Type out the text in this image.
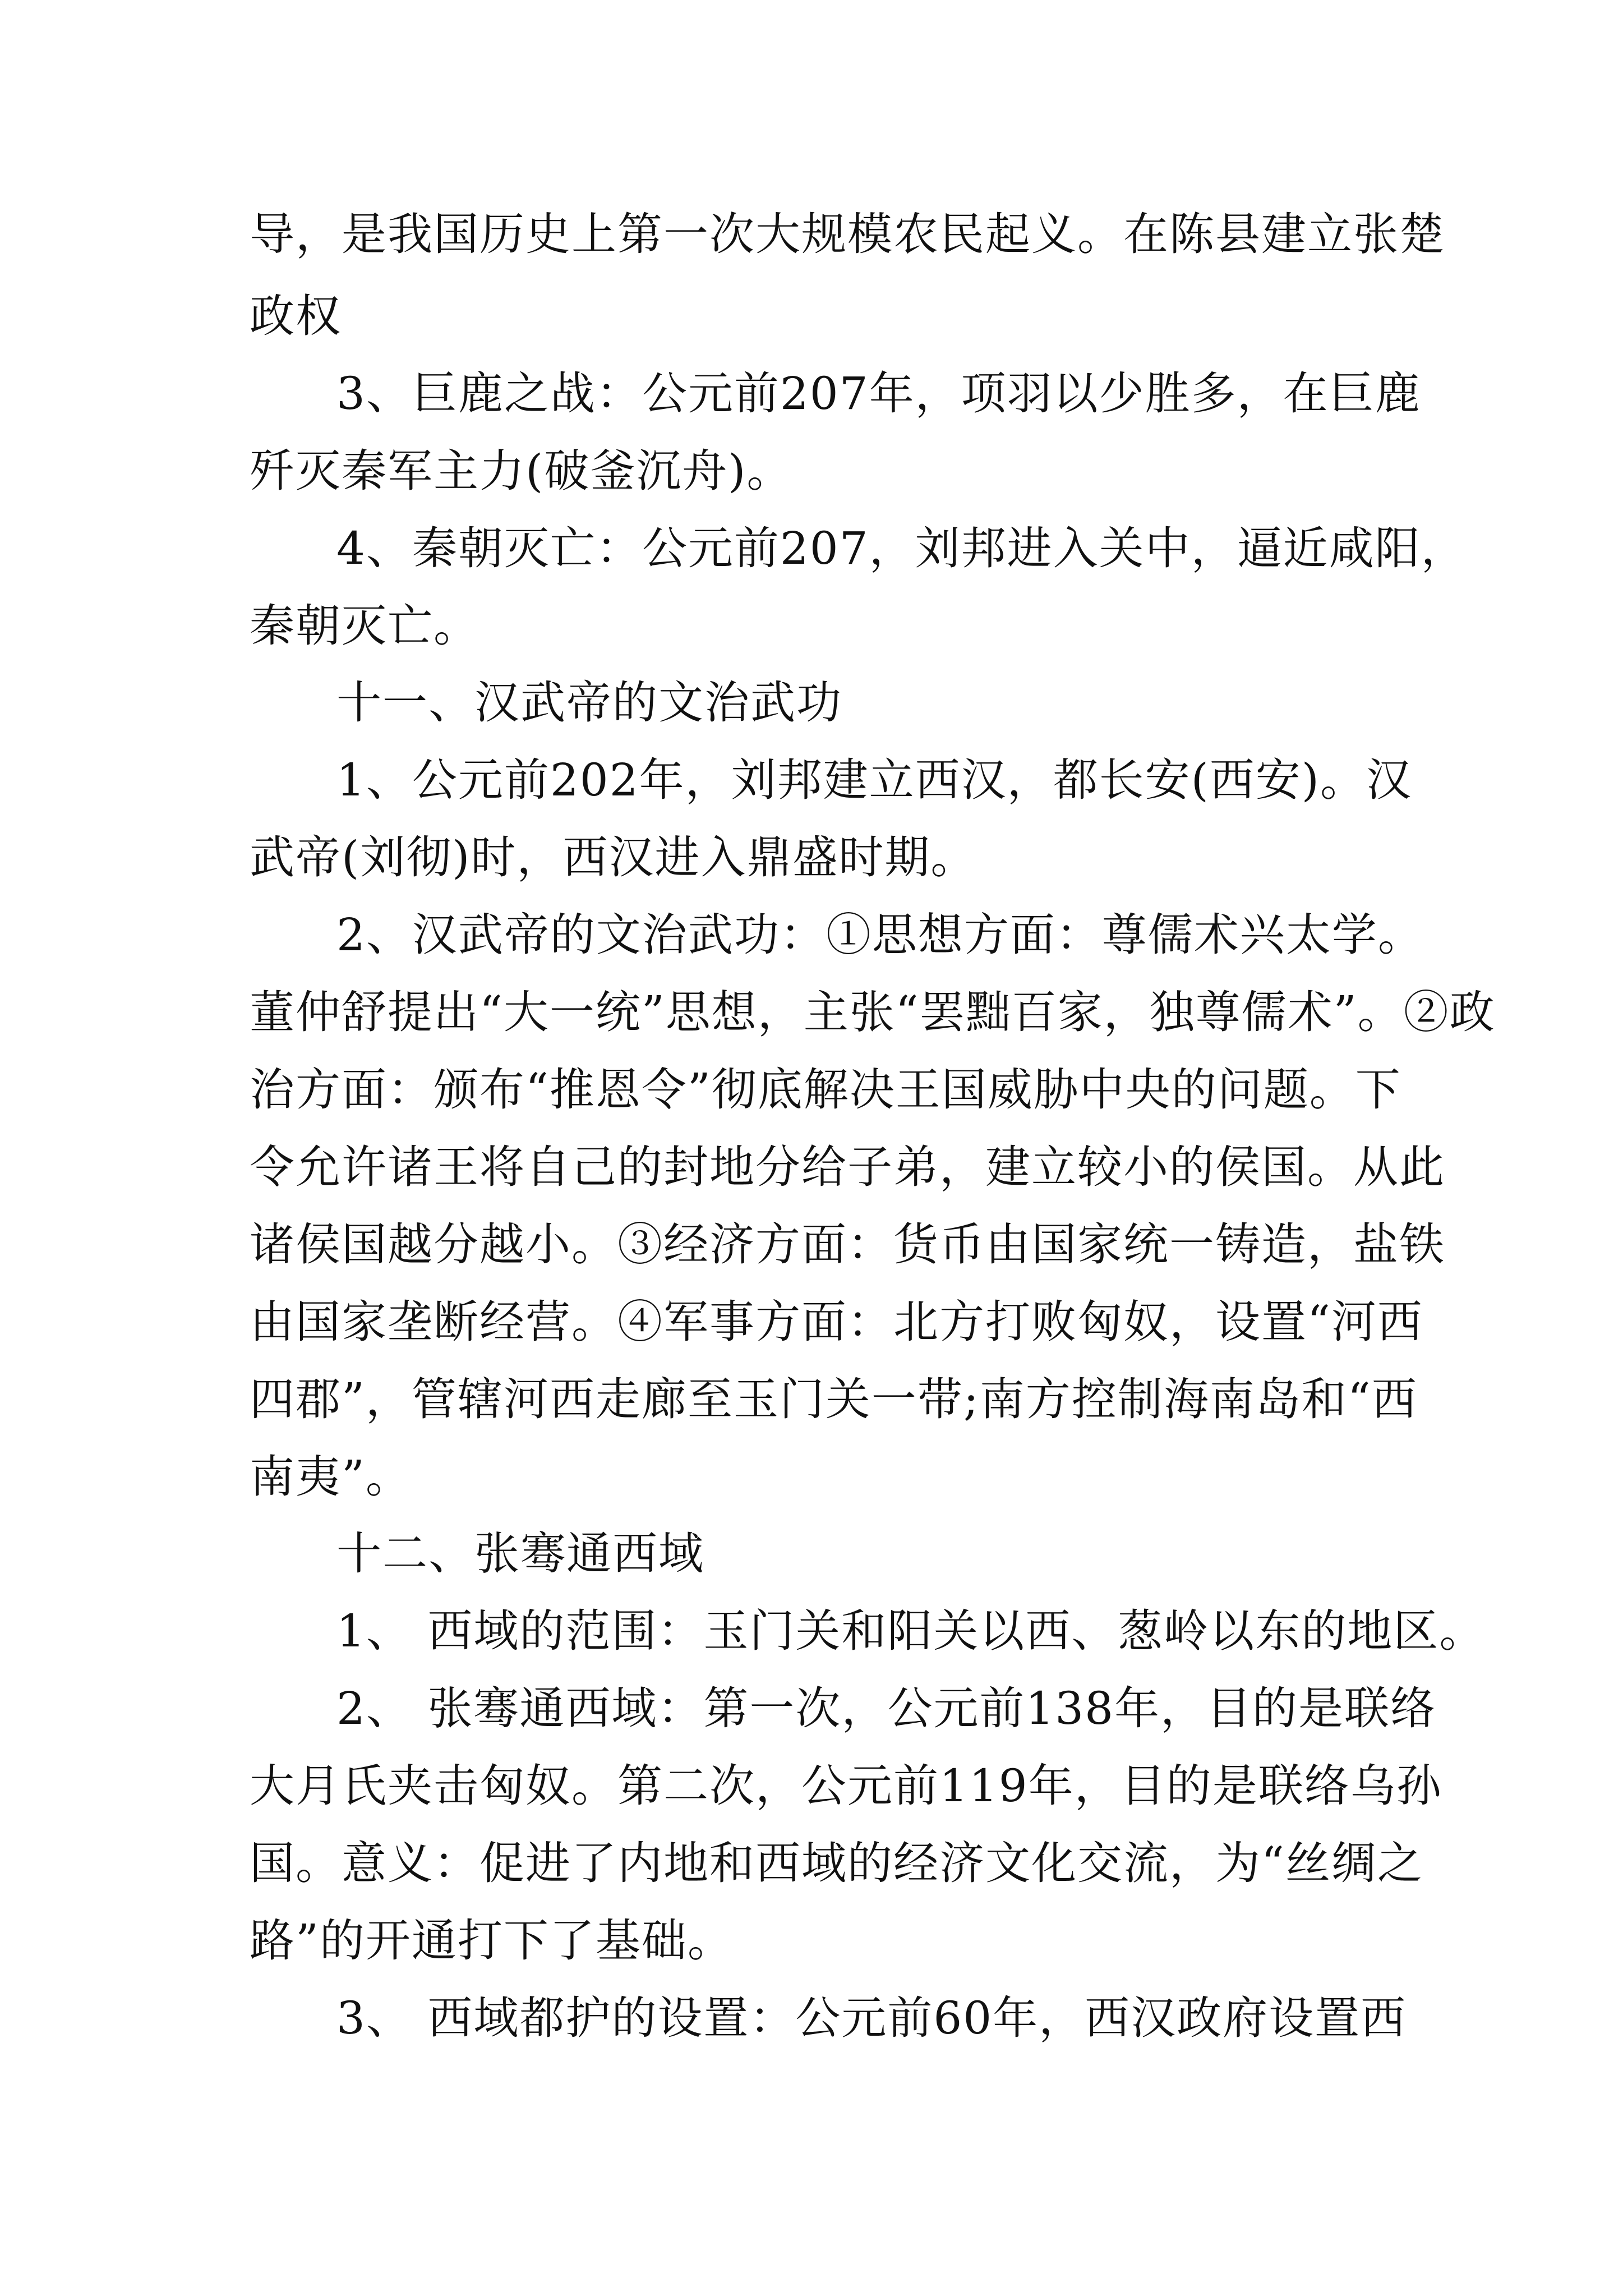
导，是我国历史上第一次大规模农民起义。在陈县建立张楚
政权
3、巨鹿之战：公元前207年，项羽以少胜多，在巨鹿
歼灭秦军主力(破釜沉舟)。
4、秦朝灭亡：公元前207，刘邦进入关中，逼近咸阳，
秦朝灭亡。
十一、汉武帝的文治武功
1、公元前202年，刘邦建立西汉，都长安(西安)。汉
武帝(刘彻)时，西汉进入鼎盛时期。
2、汉武帝的文治武功：①思想方面：尊儒术兴太学。
董仲舒提出“大一统”思想，主张“罢黜百家，独尊儒术”。②政
治方面：颁布“推恩令”彻底解决王国威胁中央的问题。下
令允许诸王将自己的封地分给子弟，建立较小的侯国。从此
诸侯国越分越小。③经济方面：货币由国家统一铸造，盐铁
由国家垄断经营。④军事方面：北方打败匈奴，设置“河西
四郡”，管辖河西走廊至玉门关一带;南方控制海南岛和“西
南夷”。
十二、张骞通西域
1、 西域的范围：玉门关和阳关以西、葱岭以东的地区。
2、 张骞通西域：第一次，公元前138年，目的是联络
大月氏夹击匈奴。第二次，公元前119年，目的是联络乌孙
国。意义：促进了内地和西域的经济文化交流，为“丝绸之
路”的开通打下了基础。
3、 西域都护的设置：公元前60年，西汉政府设置西
